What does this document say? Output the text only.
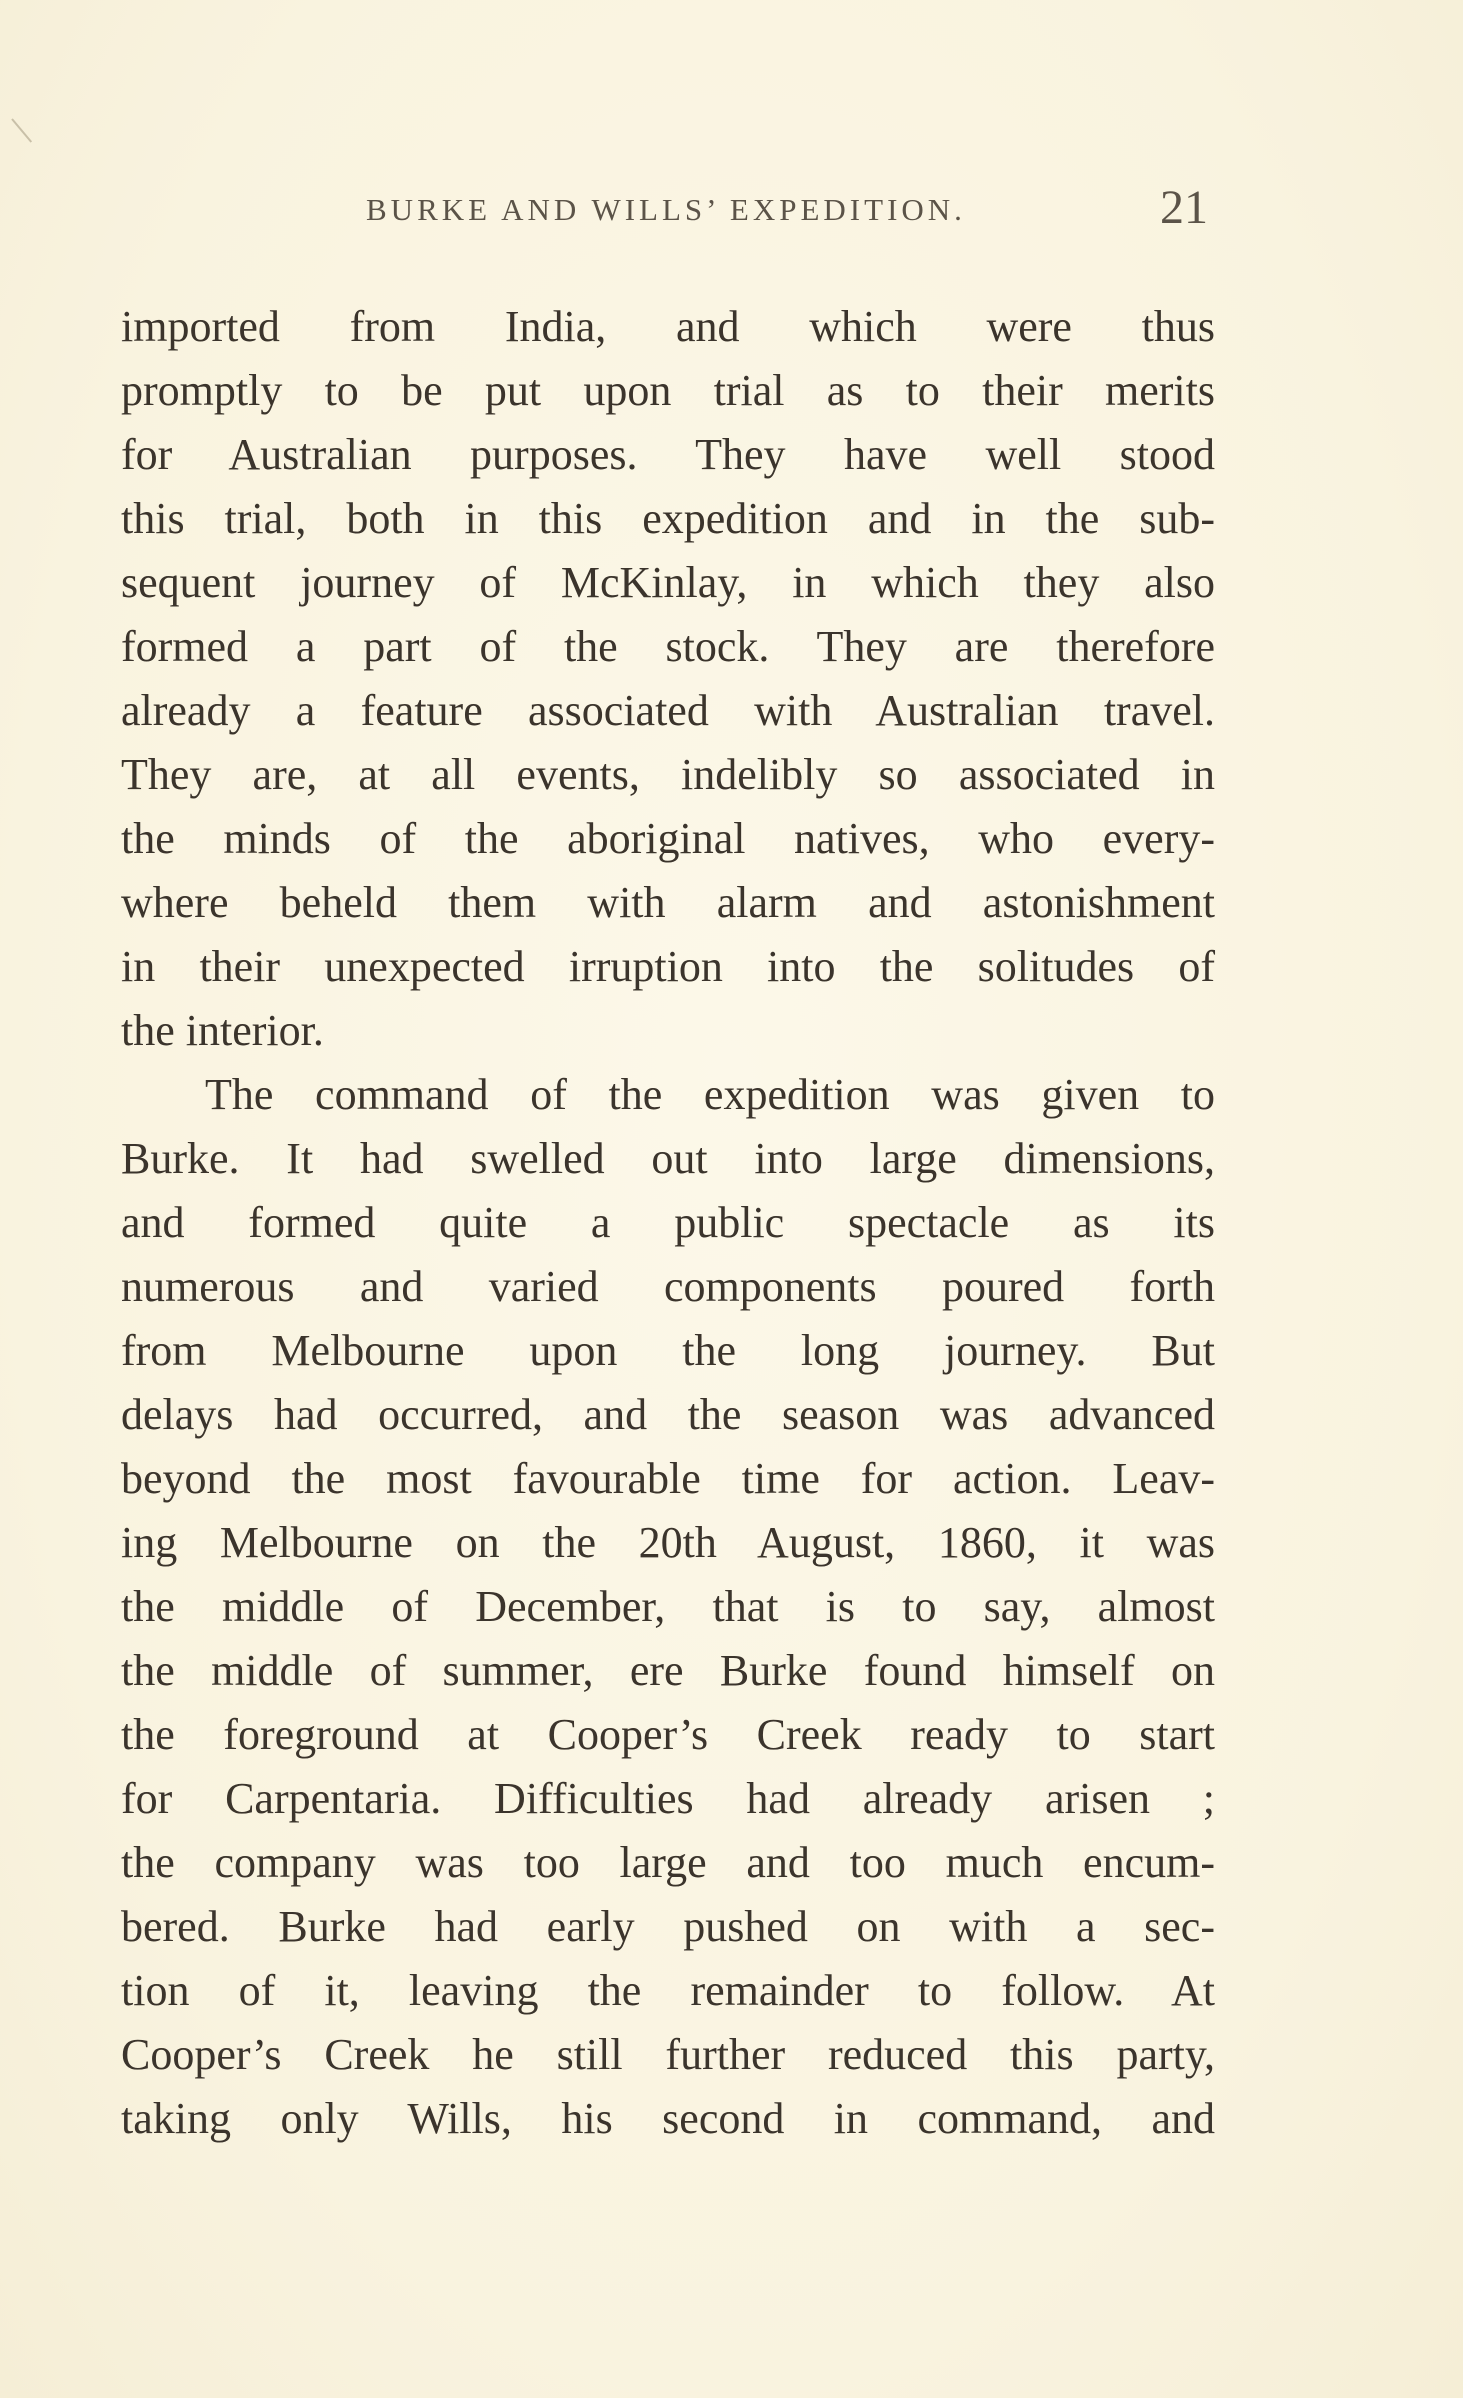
BURKE AND WILLS’ EXPEDITION.	21
imported from India, and which were thus
promptly to be put upon trial as to their merits
for Australian purposes. They have well stood
this trial, both in this expedition and in the sub-
sequent journey of McKinlay, in which they also
formed a part of the stock. They are therefore
already a feature associated with Australian travel.
They are, at all events, indelibly so associated in
the minds of the aboriginal natives, who every-
where beheld them with alarm and astonishment
in their unexpected irruption into the solitudes of
the interior.
The command of the expedition was given to
Burke. It had swelled out into large dimensions,
and formed quite a public spectacle as its
numerous and varied components poured forth
from Melbourne upon the long journey. But
delays had occurred, and the season was advanced
beyond the most favourable time for action. Leav-
ing Melbourne on the 20th August, 1860, it was
the middle of December, that is to say, almost
the middle of summer, ere Burke found himself on
the foreground at Cooper’s Creek ready to start
for Carpentaria. Difficulties had already arisen ;
the company was too large and too much encum-
bered. Burke had early pushed on with a sec-
tion of it, leaving the remainder to follow. At
Cooper’s Creek he still further reduced this party,
taking only Wills, his second in command, and
